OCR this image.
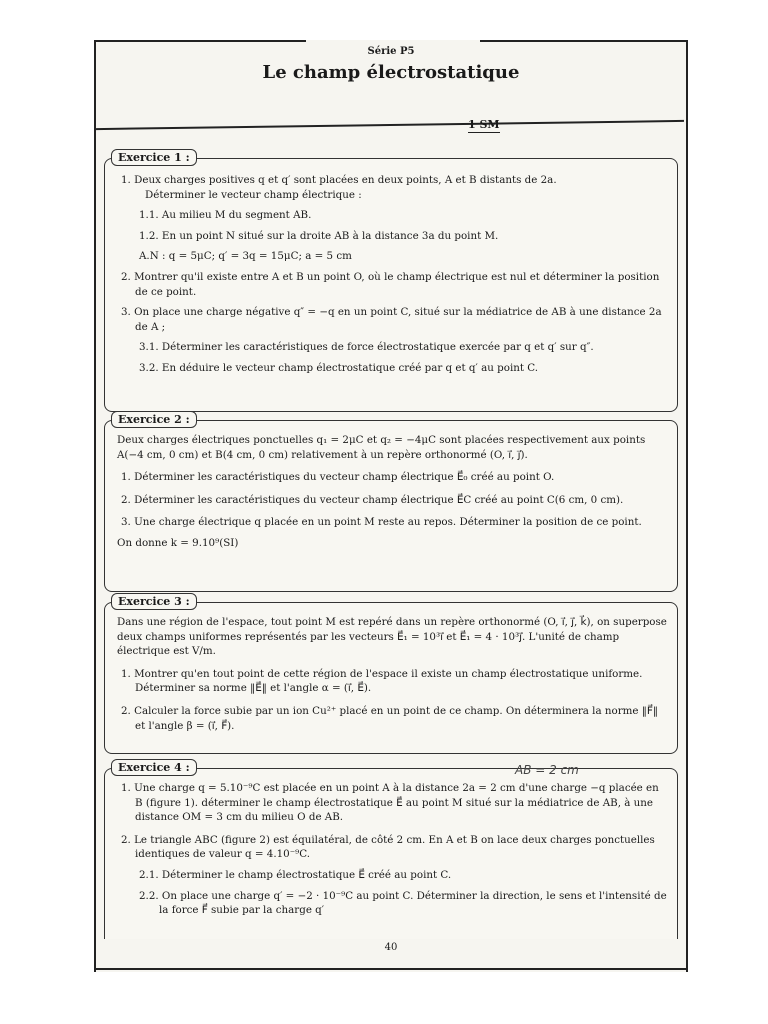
Série P5
Le champ électrostatique
1 SM
Exercice 1 :

1. Deux charges positives q et q′ sont placées en deux points, A et B distants de 2a.

Déterminer le vecteur champ électrique :

1.1. Au milieu M du segment AB.

1.2. En un point N situé sur la droite AB à la distance 3a du point M.

A.N : q = 5μC; q′ = 3q = 15μC; a = 5 cm

2. Montrer qu'il existe entre A et B un point O, où le champ électrique est nul et déterminer la position de ce point.

3. On place une charge négative q″ = −q en un point C, situé sur la médiatrice de AB à une distance 2a de A ;

3.1. Déterminer les caractéristiques de force électrostatique exercée par q et q′ sur q″.

3.2. En déduire le vecteur champ électrostatique créé par q et q′ au point C.

Exercice 2 :

Deux charges électriques ponctuelles q₁ = 2μC et q₂ = −4μC sont placées respectivement aux points A(−4 cm, 0 cm) et B(4 cm, 0 cm) relativement à un repère orthonormé (O, i⃗, j⃗).

1. Déterminer les caractéristiques du vecteur champ électrique E⃗₀ créé au point O.

2. Déterminer les caractéristiques du vecteur champ électrique E⃗C créé au point C(6 cm, 0 cm).

3. Une charge électrique q placée en un point M reste au repos. Déterminer la position de ce point.

On donne k = 9.10⁹(SI)

Exercice 3 :

Dans une région de l'espace, tout point M est repéré dans un repère orthonormé (O, i⃗, j⃗, k⃗), on superpose deux champs uniformes représentés par les vecteurs E⃗₁ = 10³i⃗ et E⃗₁ = 4 · 10³j⃗. L'unité de champ électrique est V/m.

1. Montrer qu'en tout point de cette région de l'espace il existe un champ électrostatique uniforme. Déterminer sa norme ‖E⃗‖ et l'angle α = (i⃗, E⃗).

2. Calculer la force subie par un ion Cu²⁺ placé en un point de ce champ. On déterminera la norme ‖F⃗‖ et l'angle β = (i⃗, F⃗).

Exercice 4 :	AB = 2 cm

1. Une charge q = 5.10⁻⁹C est placée en un point A à la distance 2a = 2 cm d'une charge −q placée en B (figure 1). déterminer le champ électrostatique E⃗ au point M situé sur la médiatrice de AB, à une distance OM = 3 cm du milieu O de AB.

2. Le triangle ABC (figure 2) est équilatéral, de côté 2 cm. En A et B on lace deux charges ponctuelles identiques de valeur q = 4.10⁻⁹C.

2.1. Déterminer le champ électrostatique E⃗ créé au point C.

2.2. On place une charge q′ = −2 · 10⁻⁹C au point C. Déterminer la direction, le sens et l'intensité de la force F⃗ subie par la charge q′

40
